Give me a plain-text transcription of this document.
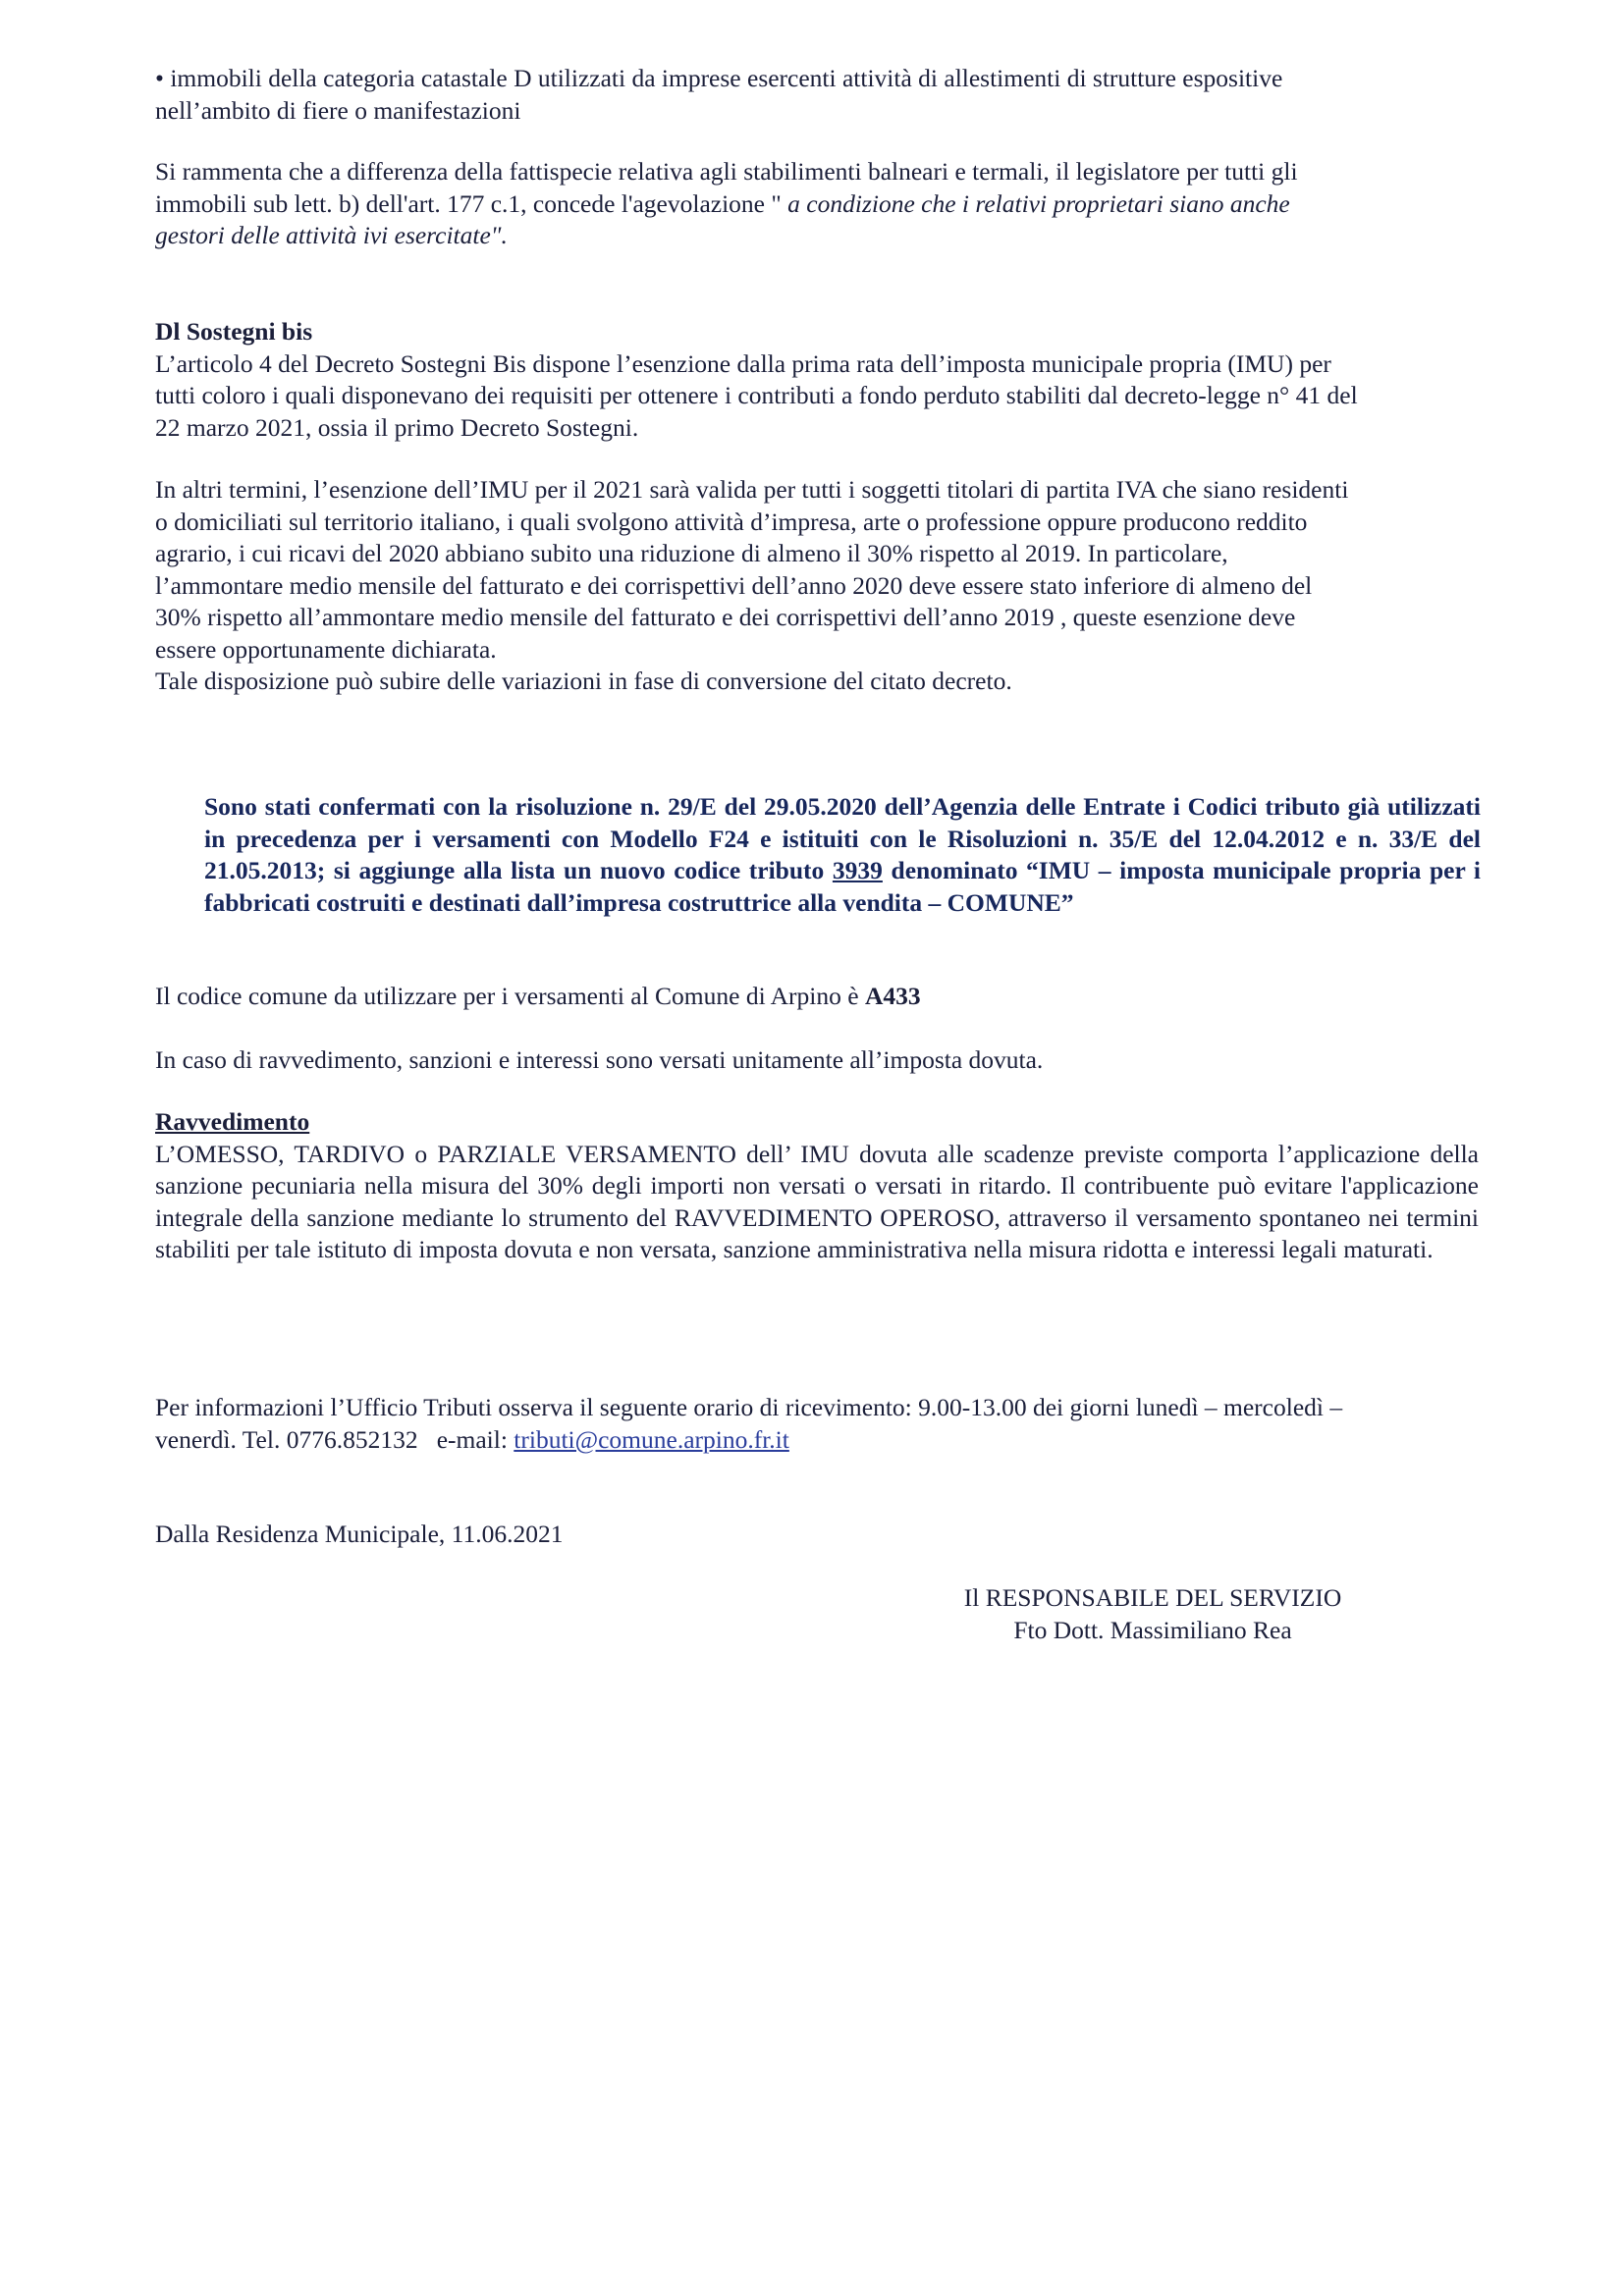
• immobili della categoria catastale D utilizzati da imprese esercenti attività di allestimenti di strutture espositive

nell’ambito di fiere o manifestazioni

Si rammenta che a differenza della fattispecie relativa agli stabilimenti balneari e termali, il legislatore per tutti gli

immobili sub lett. b) dell'art. 177 c.1, concede l'agevolazione " a condizione che i relativi proprietari siano anche

gestori delle attività ivi esercitate".

Dl Sostegni bis

L’articolo 4 del Decreto Sostegni Bis dispone l’esenzione dalla prima rata dell’imposta municipale propria (IMU) per

tutti coloro i quali disponevano dei requisiti per ottenere i contributi a fondo perduto stabiliti dal decreto-legge n° 41 del

22 marzo 2021, ossia il primo Decreto Sostegni.

In altri termini, l’esenzione dell’IMU per il 2021 sarà valida per tutti i soggetti titolari di partita IVA che siano residenti

o domiciliati sul territorio italiano, i quali svolgono attività d’impresa, arte o professione oppure producono reddito

agrario, i cui ricavi del 2020 abbiano subito una riduzione di almeno il 30% rispetto al 2019. In particolare,

l’ammontare medio mensile del fatturato e dei corrispettivi dell’anno 2020 deve essere stato inferiore di almeno del

30% rispetto all’ammontare medio mensile del fatturato e dei corrispettivi dell’anno 2019 , queste esenzione deve

essere opportunamente dichiarata.

Tale disposizione può subire delle variazioni in fase di conversione del citato decreto.

Sono stati confermati con la risoluzione n. 29/E del 29.05.2020 dell’Agenzia delle Entrate i Codici tributo già utilizzati in precedenza per i versamenti con Modello F24 e istituiti con le Risoluzioni n. 35/E del 12.04.2012 e n. 33/E del 21.05.2013; si aggiunge alla lista un nuovo codice tributo 3939 denominato “IMU – imposta municipale propria per i fabbricati costruiti e destinati dall’impresa costruttrice alla vendita – COMUNE”

Il codice comune da utilizzare per i versamenti al Comune di Arpino è A433

In caso di ravvedimento, sanzioni e interessi sono versati unitamente all’imposta dovuta.

Ravvedimento

L’OMESSO, TARDIVO o PARZIALE VERSAMENTO dell’ IMU dovuta alle scadenze previste comporta l’applicazione della sanzione pecuniaria nella misura del 30% degli importi non versati o versati in ritardo. Il contribuente può evitare l'applicazione integrale della sanzione mediante lo strumento del RAVVEDIMENTO OPEROSO, attraverso il versamento spontaneo nei termini stabiliti per tale istituto di imposta dovuta e non versata, sanzione amministrativa nella misura ridotta e interessi legali maturati.

Per informazioni l’Ufficio Tributi osserva il seguente orario di ricevimento: 9.00-13.00 dei giorni lunedì – mercoledì –

venerdì. Tel. 0776.852132   e-mail: tributi@comune.arpino.fr.it

Dalla Residenza Municipale, 11.06.2021

Il RESPONSABILE DEL SERVIZIO

Fto Dott. Massimiliano Rea
